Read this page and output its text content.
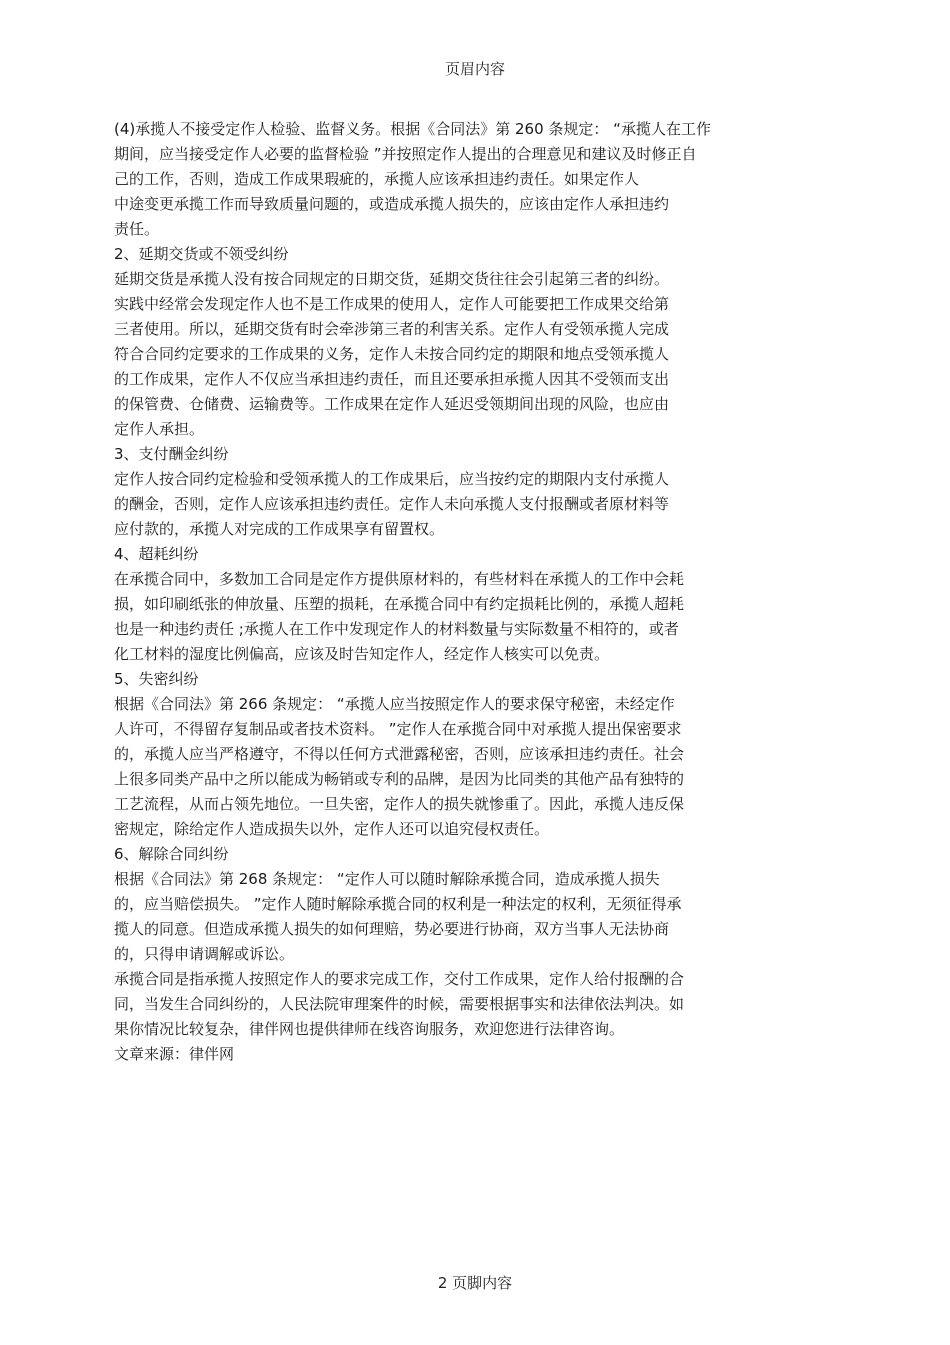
页眉内容
(4)承揽人不接受定作人检验、监督义务。根据《合同法》第 260 条规定： “承揽人在工作
期间，应当接受定作人必要的监督检验 ”并按照定作人提出的合理意见和建议及时修正自
己的工作，否则，造成工作成果瑕疵的，承揽人应该承担违约责任。如果定作人
中途变更承揽工作而导致质量问题的，或造成承揽人损失的，应该由定作人承担违约
责任。
2、延期交货或不领受纠纷
延期交货是承揽人没有按合同规定的日期交货，延期交货往往会引起第三者的纠纷。
实践中经常会发现定作人也不是工作成果的使用人，定作人可能要把工作成果交给第
三者使用。所以，延期交货有时会牵涉第三者的利害关系。定作人有受领承揽人完成
符合合同约定要求的工作成果的义务，定作人未按合同约定的期限和地点受领承揽人
的工作成果，定作人不仅应当承担违约责任，而且还要承担承揽人因其不受领而支出
的保管费、仓储费、运输费等。工作成果在定作人延迟受领期间出现的风险，也应由
定作人承担。
3、支付酬金纠纷
定作人按合同约定检验和受领承揽人的工作成果后，应当按约定的期限内支付承揽人
的酬金，否则，定作人应该承担违约责任。定作人未向承揽人支付报酬或者原材料等
应付款的，承揽人对完成的工作成果享有留置权。
4、超耗纠纷
在承揽合同中，多数加工合同是定作方提供原材料的，有些材料在承揽人的工作中会耗
损，如印刷纸张的伸放量、压塑的损耗，在承揽合同中有约定损耗比例的，承揽人超耗
也是一种违约责任 ;承揽人在工作中发现定作人的材料数量与实际数量不相符的，或者
化工材料的湿度比例偏高，应该及时告知定作人，经定作人核实可以免责。
5、失密纠纷
根据《合同法》第 266 条规定： “承揽人应当按照定作人的要求保守秘密，未经定作
人许可，不得留存复制品或者技术资料。 ”定作人在承揽合同中对承揽人提出保密要求
的，承揽人应当严格遵守，不得以任何方式泄露秘密，否则，应该承担违约责任。社会
上很多同类产品中之所以能成为畅销或专利的品牌，是因为比同类的其他产品有独特的
工艺流程，从而占领先地位。一旦失密，定作人的损失就惨重了。因此，承揽人违反保
密规定，除给定作人造成损失以外，定作人还可以追究侵权责任。
6、解除合同纠纷
根据《合同法》第 268 条规定： “定作人可以随时解除承揽合同，造成承揽人损失
的，应当赔偿损失。 ”定作人随时解除承揽合同的权利是一种法定的权利，无须征得承
揽人的同意。但造成承揽人损失的如何理赔，势必要进行协商，双方当事人无法协商
的，只得申请调解或诉讼。
承揽合同是指承揽人按照定作人的要求完成工作，交付工作成果，定作人给付报酬的合
同，当发生合同纠纷的，人民法院审理案件的时候，需要根据事实和法律依法判决。如
果你情况比较复杂，律伴网也提供律师在线咨询服务，欢迎您进行法律咨询。
文章来源：律伴网
2 页脚内容
